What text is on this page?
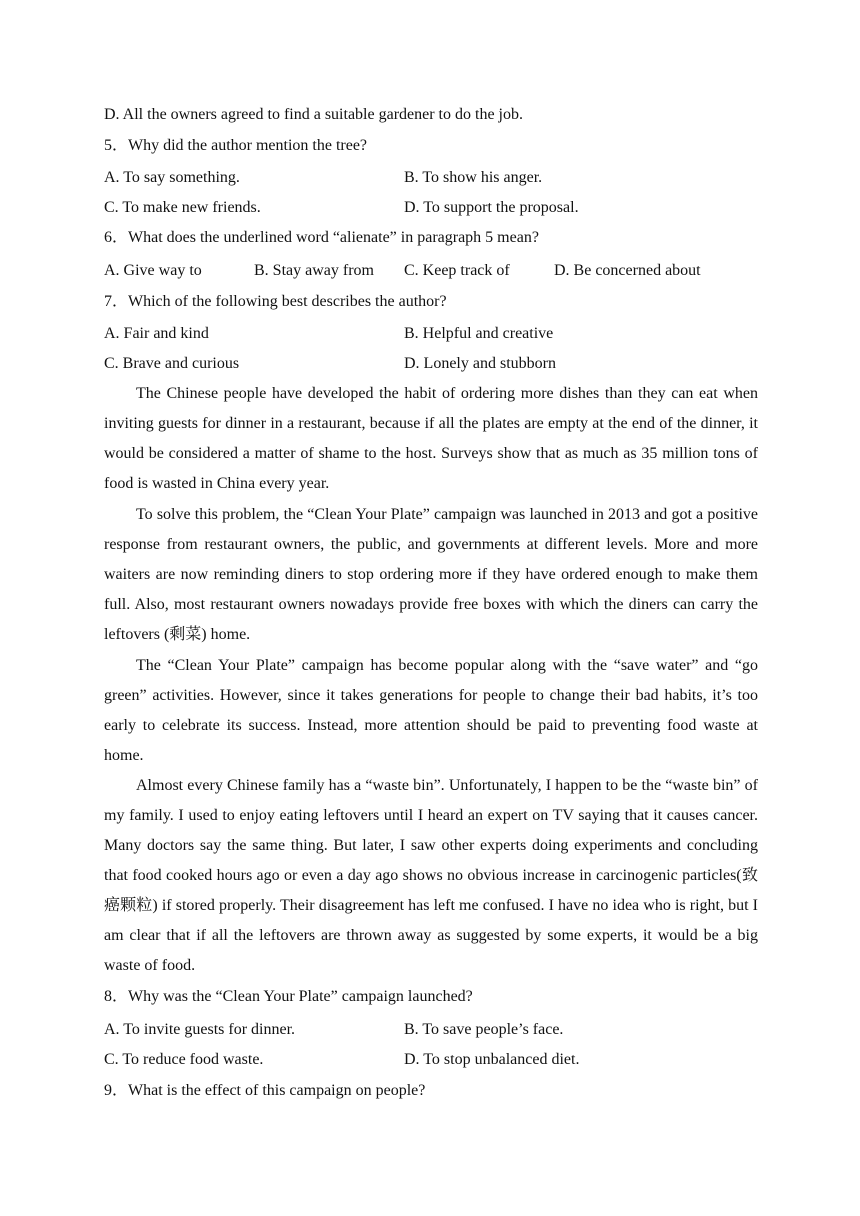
D. All the owners agreed to find a suitable gardener to do the job.
5．Why did the author mention the tree?
A. To say something.	B. To show his anger.
C. To make new friends.	D. To support the proposal.
6．What does the underlined word “alienate” in paragraph 5 mean?
A. Give way to	B. Stay away from	C. Keep track of	D. Be concerned about
7．Which of the following best describes the author?
A. Fair and kind	B. Helpful and creative
C. Brave and curious	D. Lonely and stubborn

The Chinese people have developed the habit of ordering more dishes than they can eat when inviting guests for dinner in a restaurant, because if all the plates are empty at the end of the dinner, it would be considered a matter of shame to the host. Surveys show that as much as 35 million tons of food is wasted in China every year.

To solve this problem, the “Clean Your Plate” campaign was launched in 2013 and got a positive response from restaurant owners, the public, and governments at different levels. More and more waiters are now reminding diners to stop ordering more if they have ordered enough to make them full. Also, most restaurant owners nowadays provide free boxes with which the diners can carry the leftovers (剩菜) home.

The “Clean Your Plate” campaign has become popular along with the “save water” and “go green” activities. However, since it takes generations for people to change their bad habits, it’s too early to celebrate its success. Instead, more attention should be paid to preventing food waste at home.

Almost every Chinese family has a “waste bin”. Unfortunately, I happen to be the “waste bin” of my family. I used to enjoy eating leftovers until I heard an expert on TV saying that it causes cancer. Many doctors say the same thing. But later, I saw other experts doing experiments and concluding that food cooked hours ago or even a day ago shows no obvious increase in carcinogenic particles(致癌颗粒) if stored properly. Their disagreement has left me confused. I have no idea who is right, but I am clear that if all the leftovers are thrown away as suggested by some experts, it would be a big waste of food.

8．Why was the “Clean Your Plate” campaign launched?
A. To invite guests for dinner.	B. To save people’s face.
C. To reduce food waste.	D. To stop unbalanced diet.
9．What is the effect of this campaign on people?
